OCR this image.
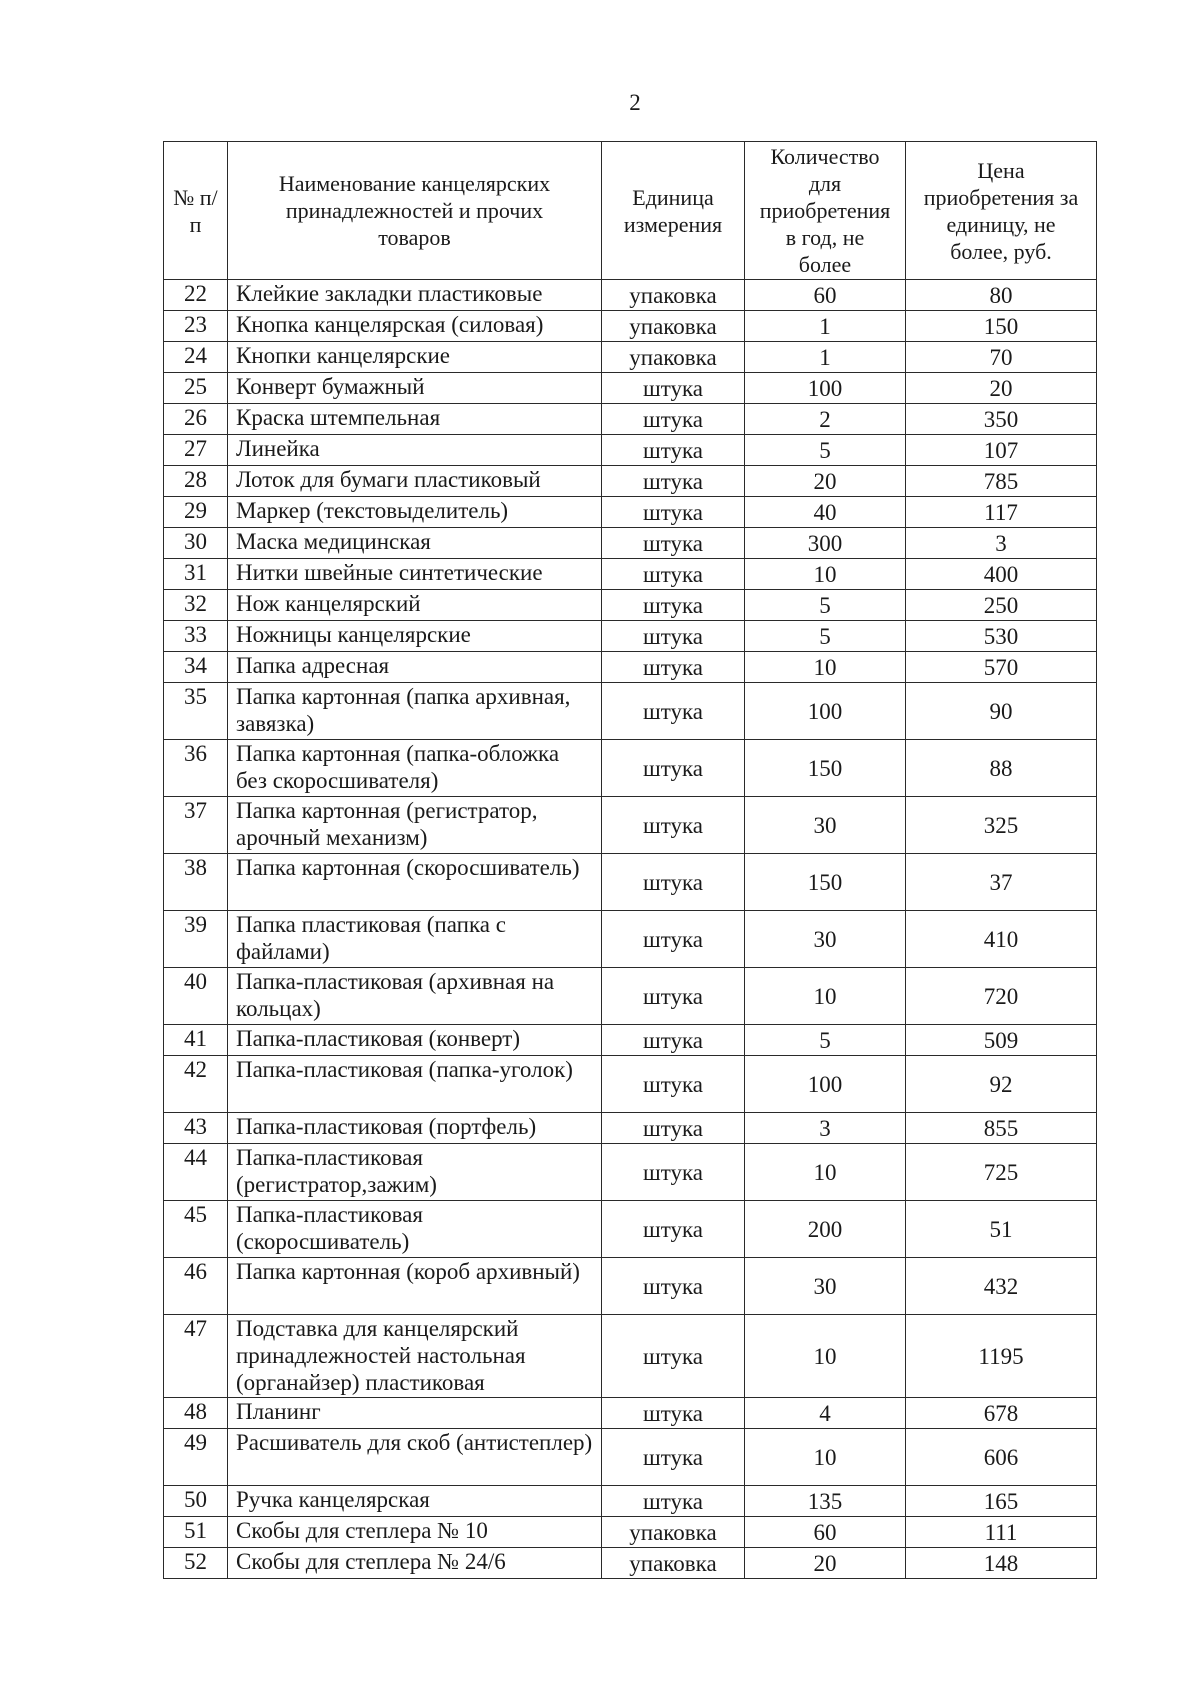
2
№ п/п	Наименование канцелярских принадлежностей и прочих товаров	Единица измерения	Количество для приобретения в год, не более	Цена приобретения за единицу, не более, руб.
22	Клейкие закладки пластиковые	упаковка	60	80
23	Кнопка канцелярская (силовая)	упаковка	1	150
24	Кнопки канцелярские	упаковка	1	70
25	Конверт бумажный	штука	100	20
26	Краска штемпельная	штука	2	350
27	Линейка	штука	5	107
28	Лоток для бумаги пластиковый	штука	20	785
29	Маркер (текстовыделитель)	штука	40	117
30	Маска медицинская	штука	300	3
31	Нитки швейные синтетические	штука	10	400
32	Нож канцелярский	штука	5	250
33	Ножницы канцелярские	штука	5	530
34	Папка адресная	штука	10	570
35	Папка картонная (папка архивная, завязка)	штука	100	90
36	Папка картонная (папка-обложка без скоросшивателя)	штука	150	88
37	Папка картонная (регистратор, арочный механизм)	штука	30	325
38	Папка картонная (скоросшиватель)	штука	150	37
39	Папка пластиковая (папка с файлами)	штука	30	410
40	Папка-пластиковая (архивная на кольцах)	штука	10	720
41	Папка-пластиковая (конверт)	штука	5	509
42	Папка-пластиковая (папка-уголок)	штука	100	92
43	Папка-пластиковая (портфель)	штука	3	855
44	Папка-пластиковая (регистратор,зажим)	штука	10	725
45	Папка-пластиковая (скоросшиватель)	штука	200	51
46	Папка картонная (короб архивный)	штука	30	432
47	Подставка для канцелярский принадлежностей настольная (органайзер) пластиковая	штука	10	1195
48	Планинг	штука	4	678
49	Расшиватель для скоб (антистеплер)	штука	10	606
50	Ручка канцелярская	штука	135	165
51	Скобы для степлера № 10	упаковка	60	111
52	Скобы для степлера № 24/6	упаковка	20	148
